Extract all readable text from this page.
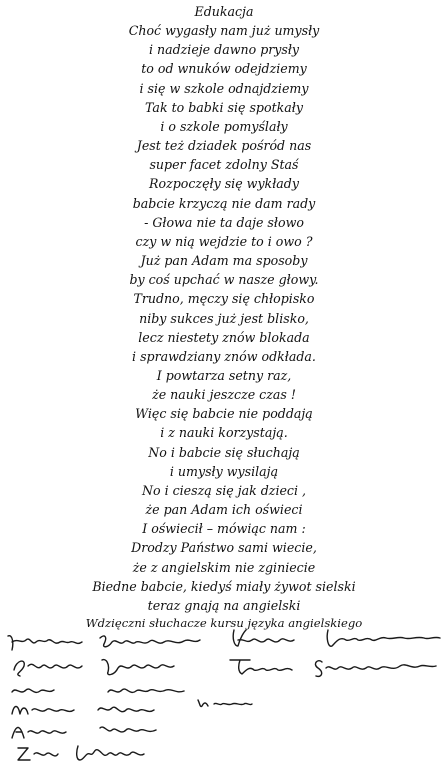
Edukacja
Choć wygasły nam już umysły
i nadzieje dawno prysły
to od wnuków odejdziemy
i się w szkole odnajdziemy
Tak to babki się spotkały
i o szkole pomyślały
Jest też dziadek pośród nas
super facet zdolny Staś
Rozpoczęły się wykłady
babcie krzyczą nie dam rady
- Głowa nie ta daje słowo
czy w nią wejdzie to i owo ?
Już pan Adam ma sposoby
by coś upchać w nasze głowy.
Trudno, męczy się chłopisko
niby sukces już jest blisko,
lecz niestety znów blokada
i sprawdziany znów odkłada.
I powtarza setny raz,
że nauki jeszcze czas !
Więc się babcie nie poddają
i z nauki korzystają.
No i babcie się słuchają
i umysły wysilają
No i cieszą się jak dzieci ,
że pan Adam ich oświeci
I oświecił – mówiąc nam :
Drodzy Państwo sami wiecie,
że z angielskim nie zginiecie
Biedne babcie, kiedyś miały żywot sielski
teraz gnają na angielski
Wdzięczni słuchacze kursu języka angielskiego
